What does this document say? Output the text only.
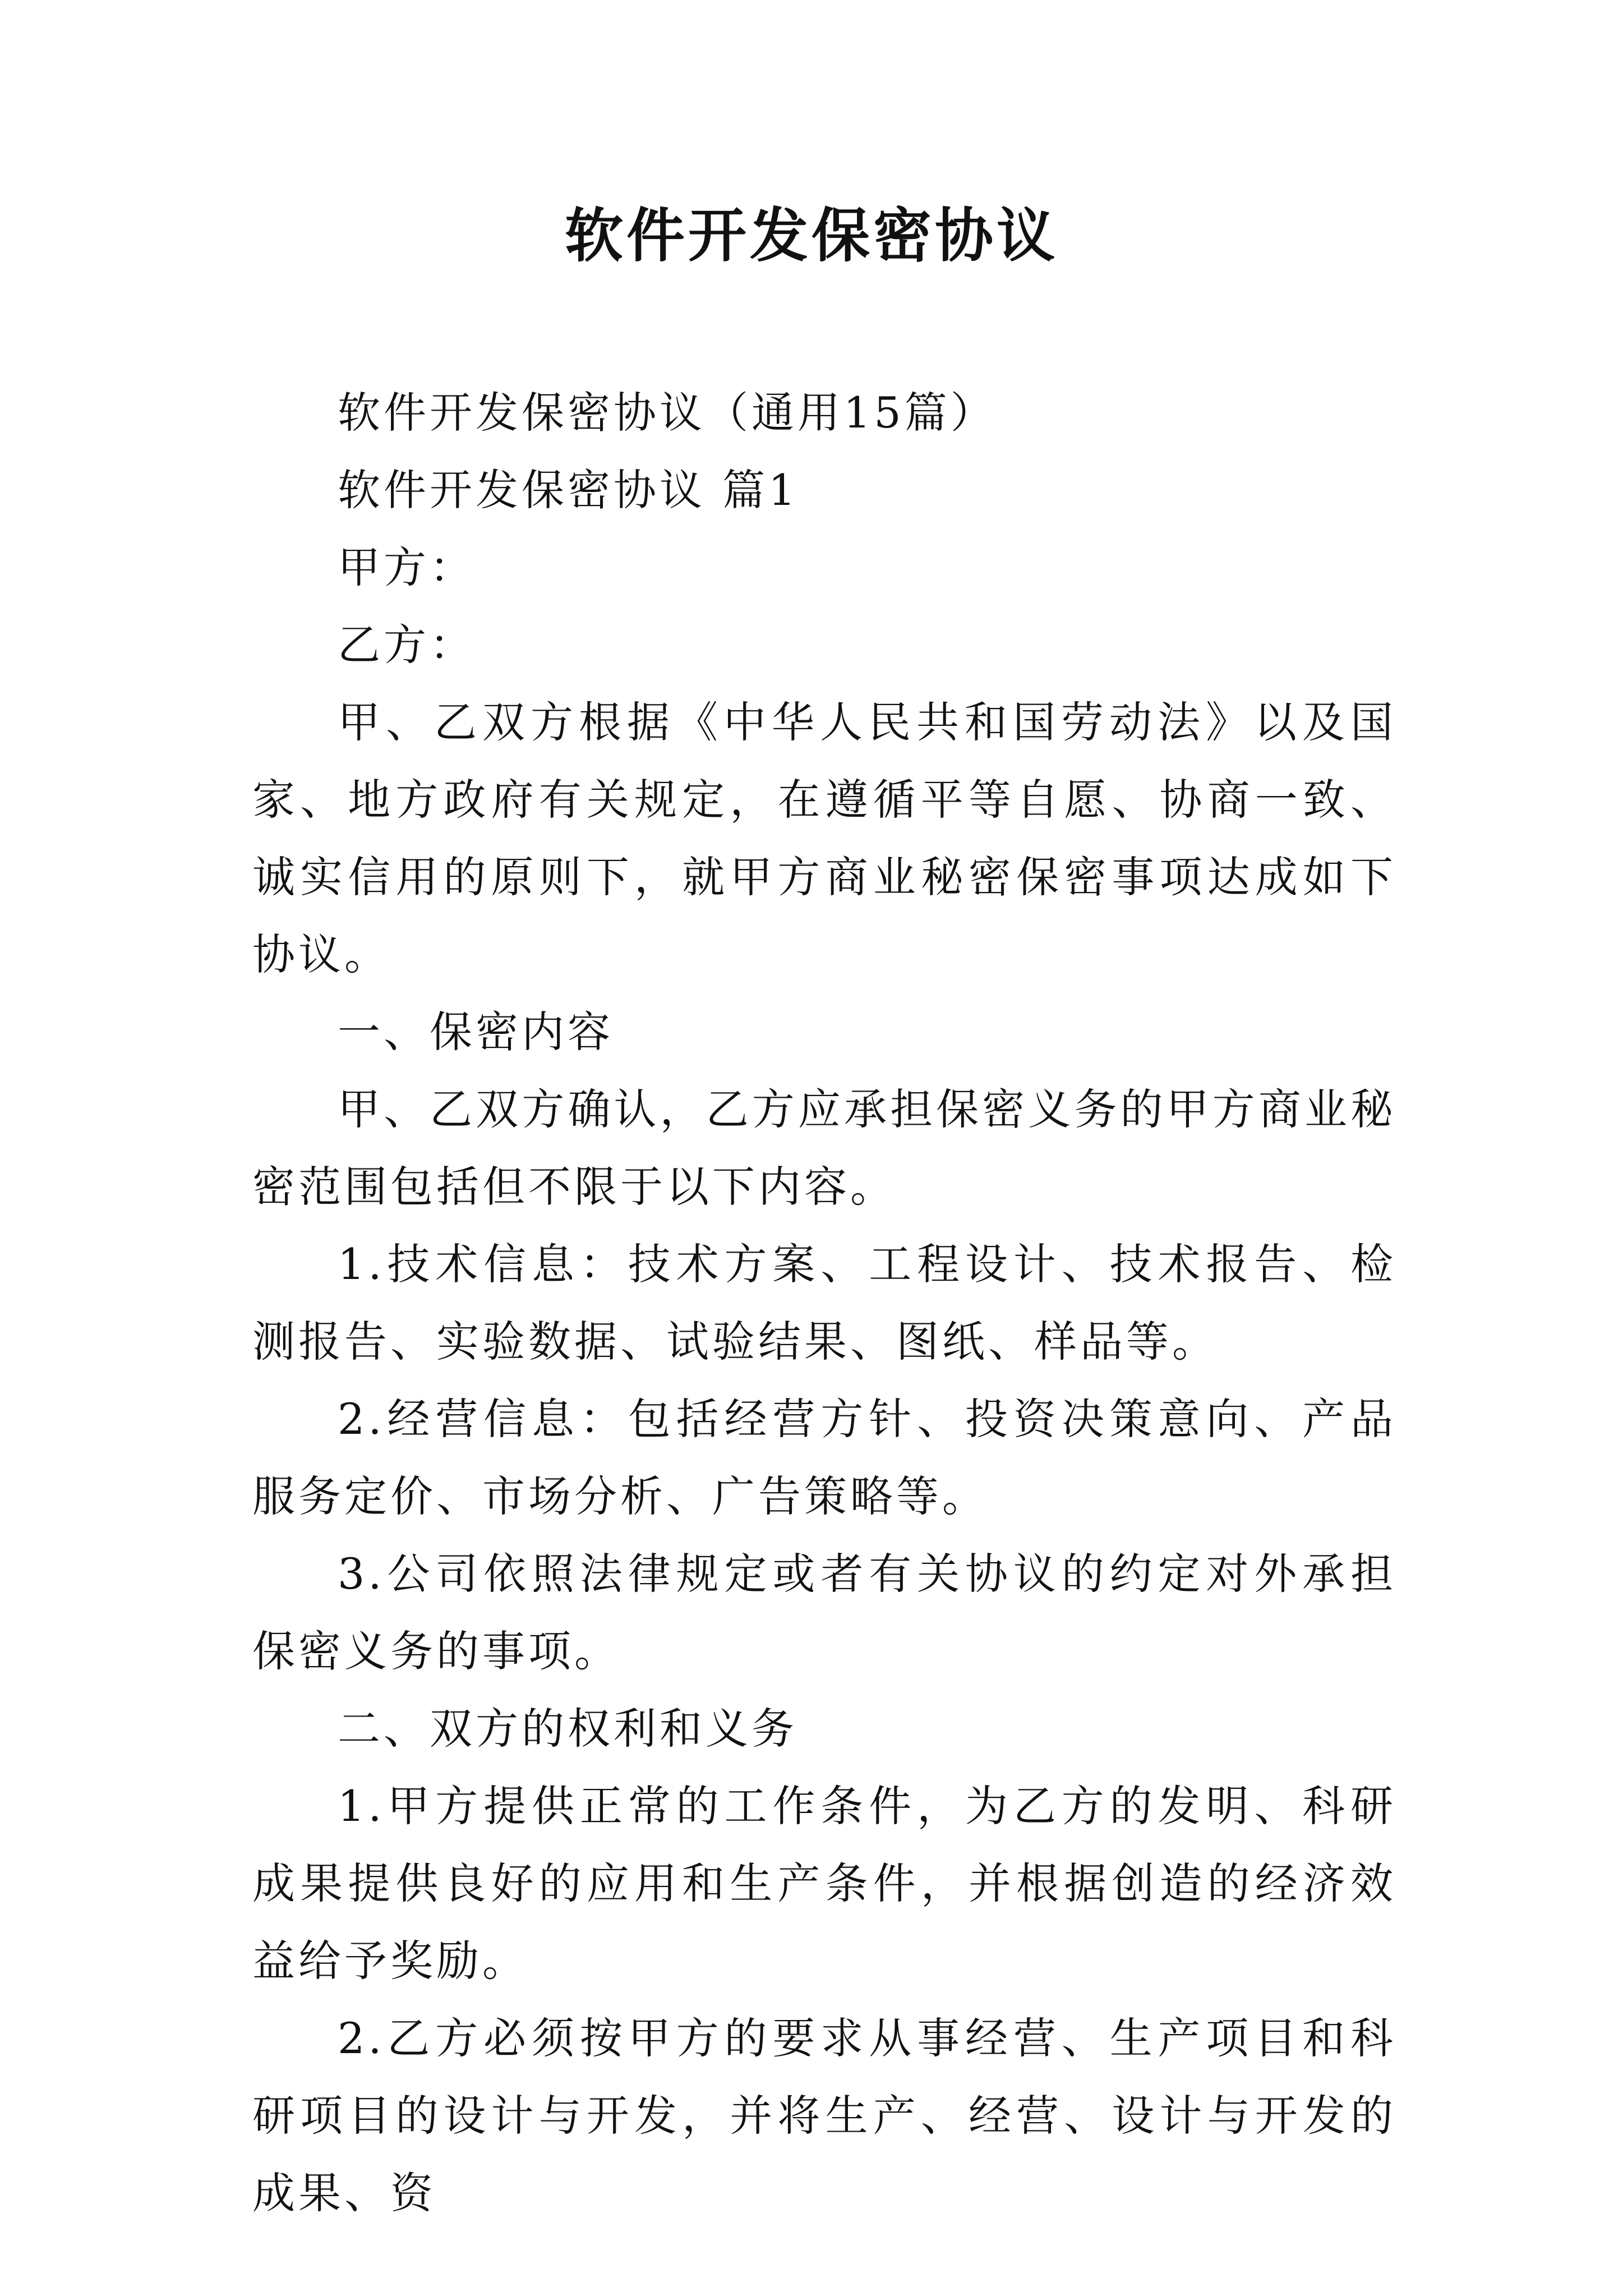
软件开发保密协议

软件开发保密协议（通用15篇）

软件开发保密协议 篇1

甲方：

乙方：

甲、乙双方根据《中华人民共和国劳动法》以及国家、地方政府有关规定，在遵循平等自愿、协商一致、诚实信用的原则下，就甲方商业秘密保密事项达成如下协议。

一、保密内容

甲、乙双方确认，乙方应承担保密义务的甲方商业秘密范围包括但不限于以下内容。

1.技术信息：技术方案、工程设计、技术报告、检测报告、实验数据、试验结果、图纸、样品等。

2.经营信息：包括经营方针、投资决策意向、产品服务定价、市场分析、广告策略等。

3.公司依照法律规定或者有关协议的约定对外承担保密义务的事项。

二、双方的权利和义务

1.甲方提供正常的工作条件，为乙方的发明、科研成果提供良好的应用和生产条件，并根据创造的经济效益给予奖励。

2.乙方必须按甲方的要求从事经营、生产项目和科研项目的设计与开发，并将生产、经营、设计与开发的成果、资
